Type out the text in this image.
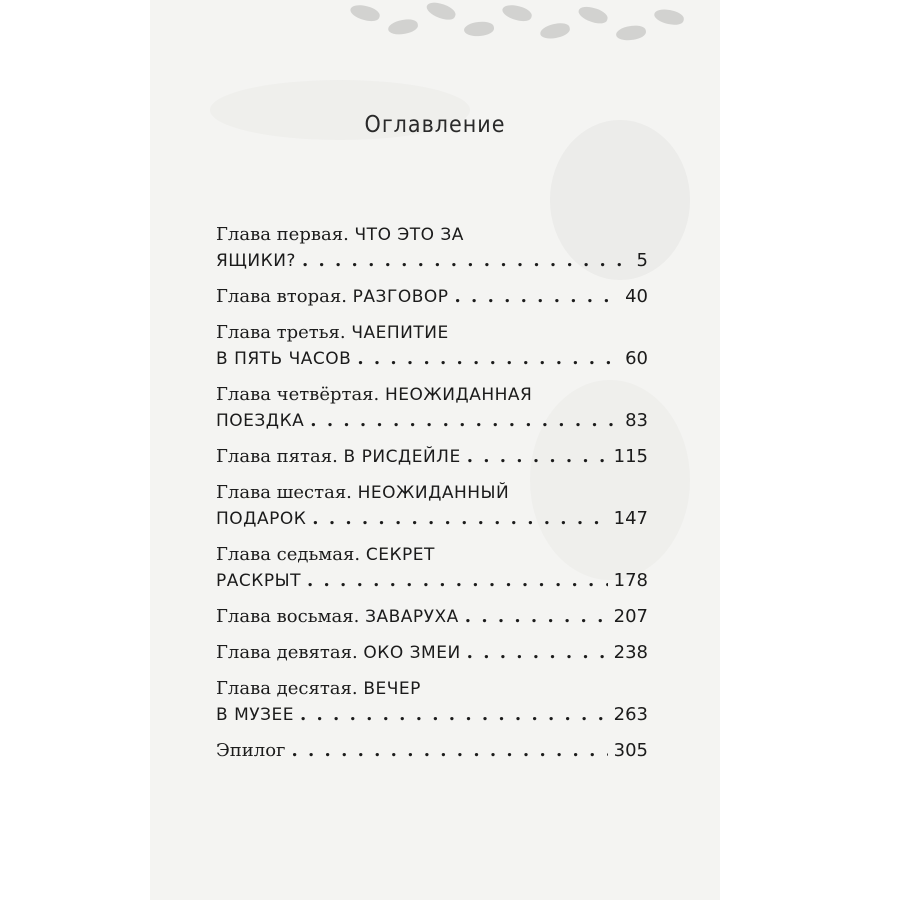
Оглавление
Глава первая. ЧТО ЭТО ЗА
ЯЩИКИ? . . .	5
Глава вторая. РАЗГОВОР . . .	40
Глава третья. ЧАЕПИТИЕ
В ПЯТЬ ЧАСОВ . . .	60
Глава четвёртая. НЕОЖИДАННАЯ
ПОЕЗДКА . . .	83
Глава пятая. В РИСДЕЙЛЕ . . .	115
Глава шестая. НЕОЖИДАННЫЙ
ПОДАРОК . . .	147
Глава седьмая. СЕКРЕТ
РАСКРЫТ . . .	178
Глава восьмая. ЗАВАРУХА . . .	207
Глава девятая. ОКО ЗМЕИ . . .	238
Глава десятая. ВЕЧЕР
В МУЗЕЕ . . .	263
Эпилог . . .	305
